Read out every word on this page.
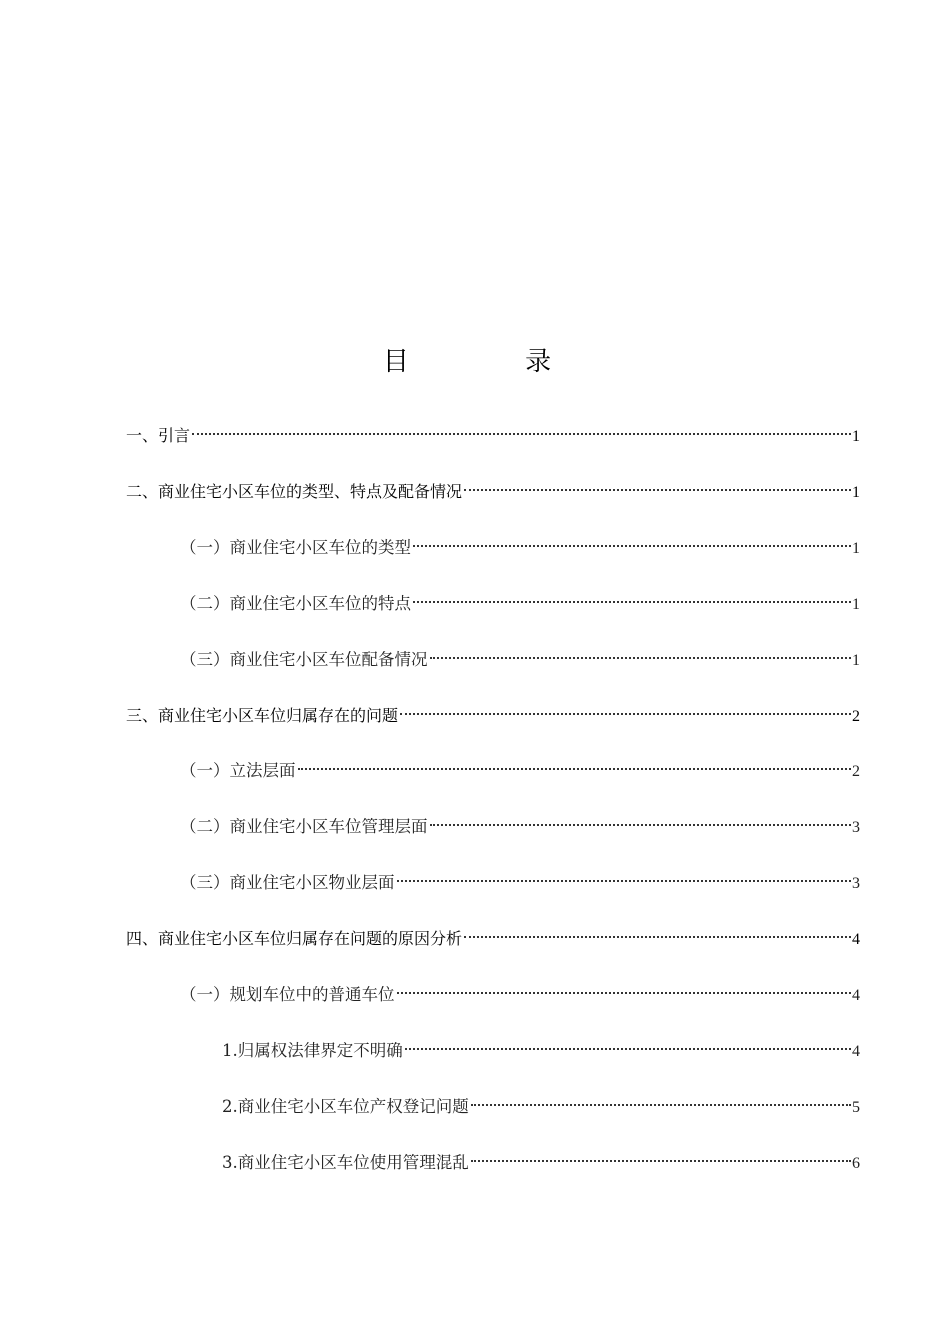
目 录
一、引言	1
二、商业住宅小区车位的类型、特点及配备情况	1
（一）商业住宅小区车位的类型	1
（二）商业住宅小区车位的特点	1
（三）商业住宅小区车位配备情况	1
三、商业住宅小区车位归属存在的问题	2
（一）立法层面	2
（二）商业住宅小区车位管理层面	3
（三）商业住宅小区物业层面	3
四、商业住宅小区车位归属存在问题的原因分析	4
（一）规划车位中的普通车位	4
1.归属权法律界定不明确	4
2.商业住宅小区车位产权登记问题	5
3.商业住宅小区车位使用管理混乱	6
